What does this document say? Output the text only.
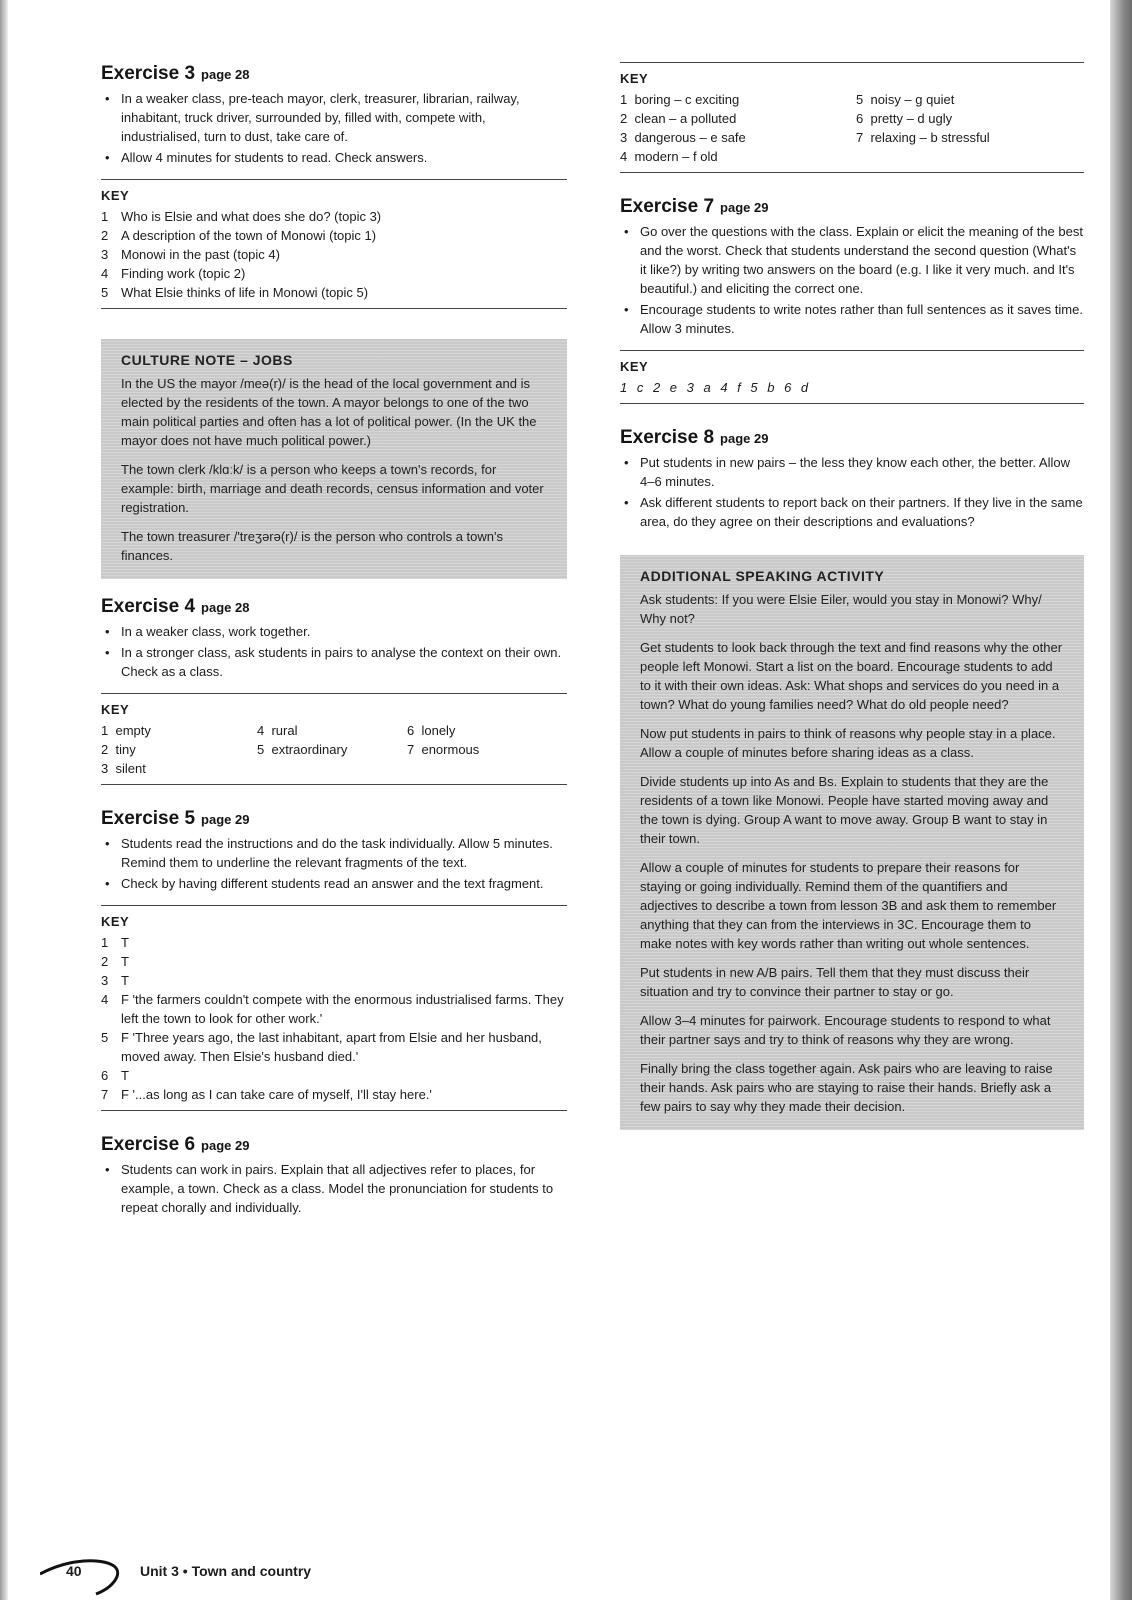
Exercise 3 page 28
• In a weaker class, pre-teach mayor, clerk, treasurer, librarian, railway, inhabitant, truck driver, surrounded by, filled with, compete with, industrialised, turn to dust, take care of.
• Allow 4 minutes for students to read. Check answers.
KEY
1 Who is Elsie and what does she do? (topic 3)
2 A description of the town of Monowi (topic 1)
3 Monowi in the past (topic 4)
4 Finding work (topic 2)
5 What Elsie thinks of life in Monowi (topic 5)
CULTURE NOTE – JOBS

In the US the mayor /meə(r)/ is the head of the local government and is elected by the residents of the town. A mayor belongs to one of the two main political parties and often has a lot of political power. (In the UK the mayor does not have much political power.)

The town clerk /klɑːk/ is a person who keeps a town's records, for example: birth, marriage and death records, census information and voter registration.

The town treasurer /'treʒərə(r)/ is the person who controls a town's finances.

Exercise 4 page 28
• In a weaker class, work together.
• In a stronger class, ask students in pairs to analyse the context on their own. Check as a class.
KEY
1 empty	4 rural	6 lonely
2 tiny	5 extraordinary	7 enormous
3 silent
Exercise 5 page 29
• Students read the instructions and do the task individually. Allow 5 minutes. Remind them to underline the relevant fragments of the text.
• Check by having different students read an answer and the text fragment.
KEY
1 T
2 T
3 T
4 F 'the farmers couldn't compete with the enormous industrialised farms. They left the town to look for other work.'
5 F 'Three years ago, the last inhabitant, apart from Elsie and her husband, moved away. Then Elsie's husband died.'
6 T
7 F '...as long as I can take care of myself, I'll stay here.'
Exercise 6 page 29
• Students can work in pairs. Explain that all adjectives refer to places, for example, a town. Check as a class. Model the pronunciation for students to repeat chorally and individually.
KEY
1 boring – c exciting	5 noisy – g quiet
2 clean – a polluted	6 pretty – d ugly
3 dangerous – e safe	7 relaxing – b stressful
4 modern – f old
Exercise 7 page 29
• Go over the questions with the class. Explain or elicit the meaning of the best and the worst. Check that students understand the second question (What's it like?) by writing two answers on the board (e.g. I like it very much. and It's beautiful.) and eliciting the correct one.
• Encourage students to write notes rather than full sentences as it saves time. Allow 3 minutes.
KEY
1 c 2 e 3 a 4 f 5 b 6 d
Exercise 8 page 29
• Put students in new pairs – the less they know each other, the better. Allow 4–6 minutes.
• Ask different students to report back on their partners. If they live in the same area, do they agree on their descriptions and evaluations?
ADDITIONAL SPEAKING ACTIVITY

Ask students: If you were Elsie Eiler, would you stay in Monowi? Why/ Why not?

Get students to look back through the text and find reasons why the other people left Monowi. Start a list on the board. Encourage students to add to it with their own ideas. Ask: What shops and services do you need in a town? What do young families need? What do old people need?

Now put students in pairs to think of reasons why people stay in a place. Allow a couple of minutes before sharing ideas as a class.

Divide students up into As and Bs. Explain to students that they are the residents of a town like Monowi. People have started moving away and the town is dying. Group A want to move away. Group B want to stay in their town.

Allow a couple of minutes for students to prepare their reasons for staying or going individually. Remind them of the quantifiers and adjectives to describe a town from lesson 3B and ask them to remember anything that they can from the interviews in 3C. Encourage them to make notes with key words rather than writing out whole sentences.

Put students in new A/B pairs. Tell them that they must discuss their situation and try to convince their partner to stay or go.

Allow 3–4 minutes for pairwork. Encourage students to respond to what their partner says and try to think of reasons why they are wrong.

Finally bring the class together again. Ask pairs who are leaving to raise their hands. Ask pairs who are staying to raise their hands. Briefly ask a few pairs to say why they made their decision.

40	Unit 3 • Town and country
